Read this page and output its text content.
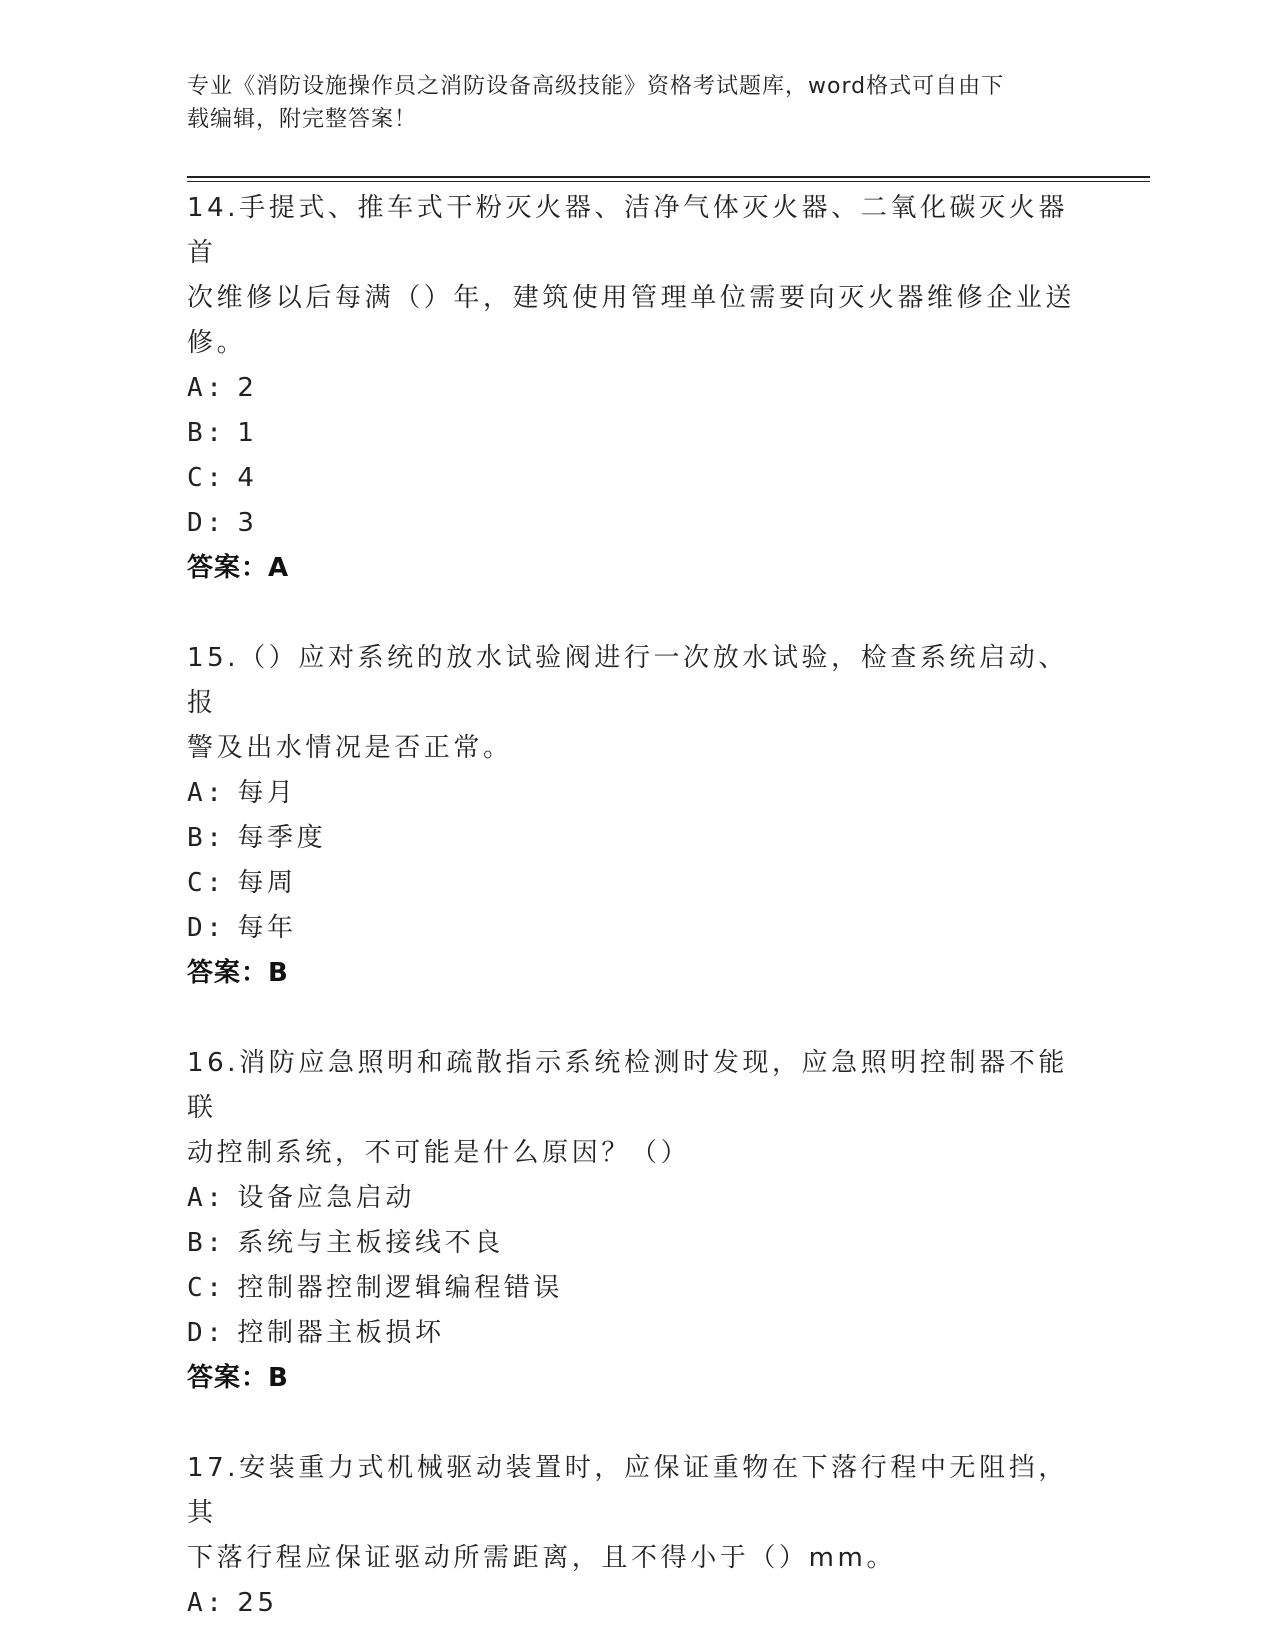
专业《消防设施操作员之消防设备高级技能》资格考试题库，word格式可自由下
载编辑，附完整答案！

14.手提式、推车式干粉灭火器、洁净气体灭火器、二氧化碳灭火器首

次维修以后每满（）年，建筑使用管理单位需要向灭火器维修企业送

修。

A: 2

B: 1

C: 4

D: 3

答案：A

15.（）应对系统的放水试验阀进行一次放水试验，检查系统启动、报

警及出水情况是否正常。

A: 每月

B: 每季度

C: 每周

D: 每年

答案：B

16.消防应急照明和疏散指示系统检测时发现，应急照明控制器不能联

动控制系统，不可能是什么原因？（）

A: 设备应急启动

B: 系统与主板接线不良

C: 控制器控制逻辑编程错误

D: 控制器主板损坏

答案：B

17.安装重力式机械驱动装置时，应保证重物在下落行程中无阻挡，其

下落行程应保证驱动所需距离，且不得小于（）mm。

A: 25
